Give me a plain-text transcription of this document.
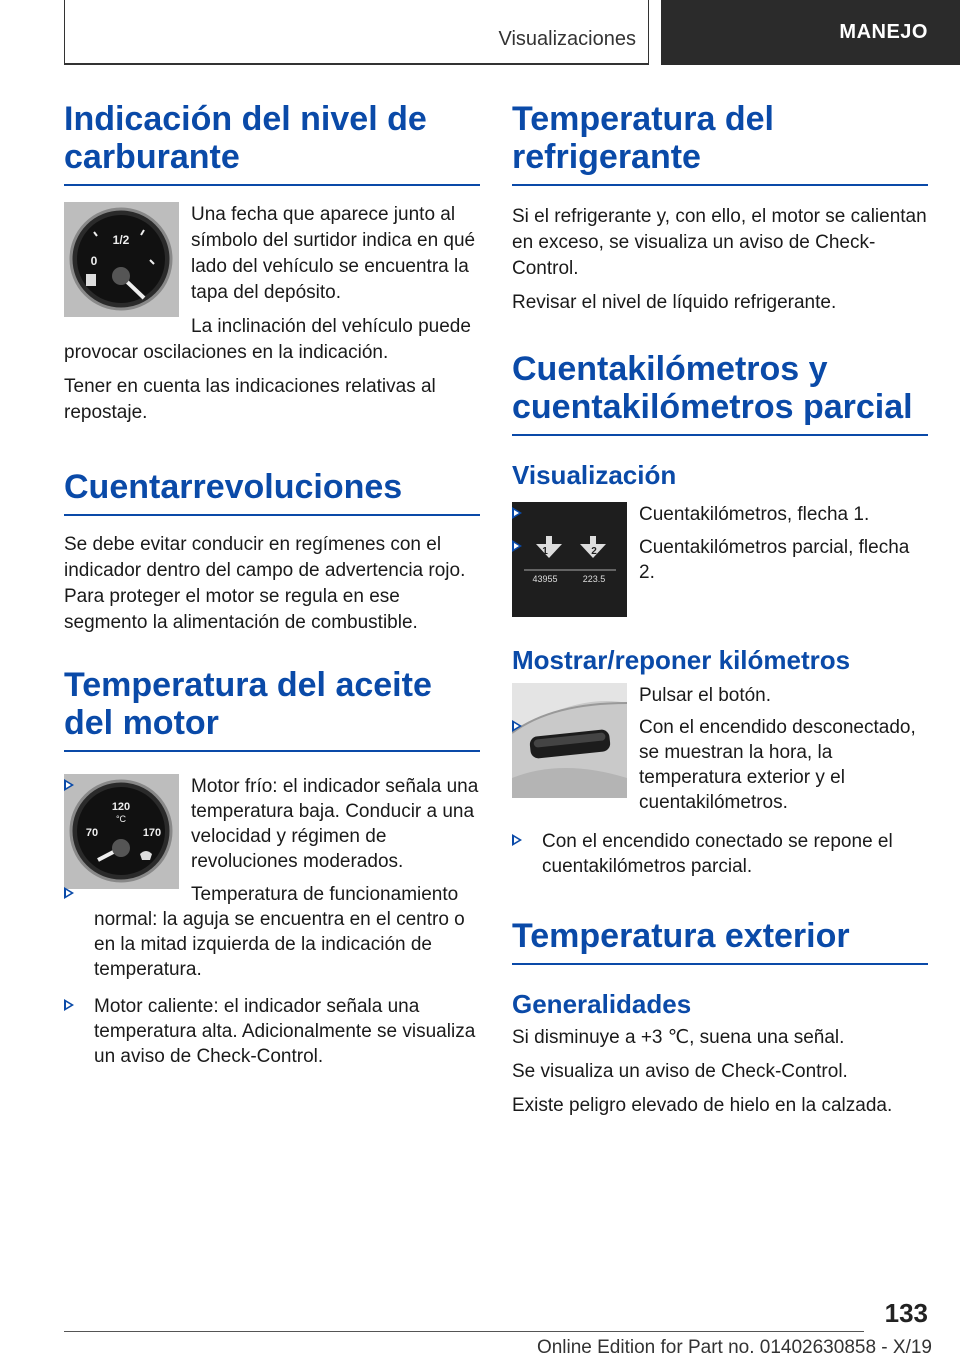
Visualizaciones	MANEJO
Indicación del nivel de carburante
1/2
0

Una fecha que aparece junto al símbolo del surtidor indica en qué lado del vehículo se encuentra la tapa del depósito.

La inclinación del vehículo puede provocar oscilaciones en la indicación.

Tener en cuenta las indicaciones relativas al repostaje.

Cuentarrevoluciones

Se debe evitar conducir en regímenes con el indicador dentro del campo de advertencia rojo. Para proteger el motor se regula en ese segmento la alimentación de combustible.

Temperatura del aceite del motor
120
°C
70	170
Motor frío: el indicador señala una temperatura baja. Conducir a una velocidad y régimen de revoluciones moderados.
Temperatura de funcionamiento normal: la aguja se encuentra en el centro o en la mitad izquierda de la indicación de temperatura.
Motor caliente: el indicador señala una temperatura alta. Adicionalmente se visualiza un aviso de Check-Control.
Temperatura del refrigerante

Si el refrigerante y, con ello, el motor se calientan en exceso, se visualiza un aviso de Check-Control.

Revisar el nivel de líquido refrigerante.

Cuentakilómetros y cuentakilómetros parcial
Visualización
1	2
43955	223.5
Cuentakilómetros, flecha 1.
Cuentakilómetros parcial, flecha 2.
Mostrar/reponer kilómetros

Pulsar el botón.

Con el encendido desconectado, se muestran la hora, la temperatura exterior y el cuentakilómetros.
Con el encendido conectado se repone el cuentakilómetros parcial.
Temperatura exterior
Generalidades

Si disminuye a +3 ℃, suena una señal.

Se visualiza un aviso de Check-Control.

Existe peligro elevado de hielo en la calzada.

133
Online Edition for Part no. 01402630858 - X/19
